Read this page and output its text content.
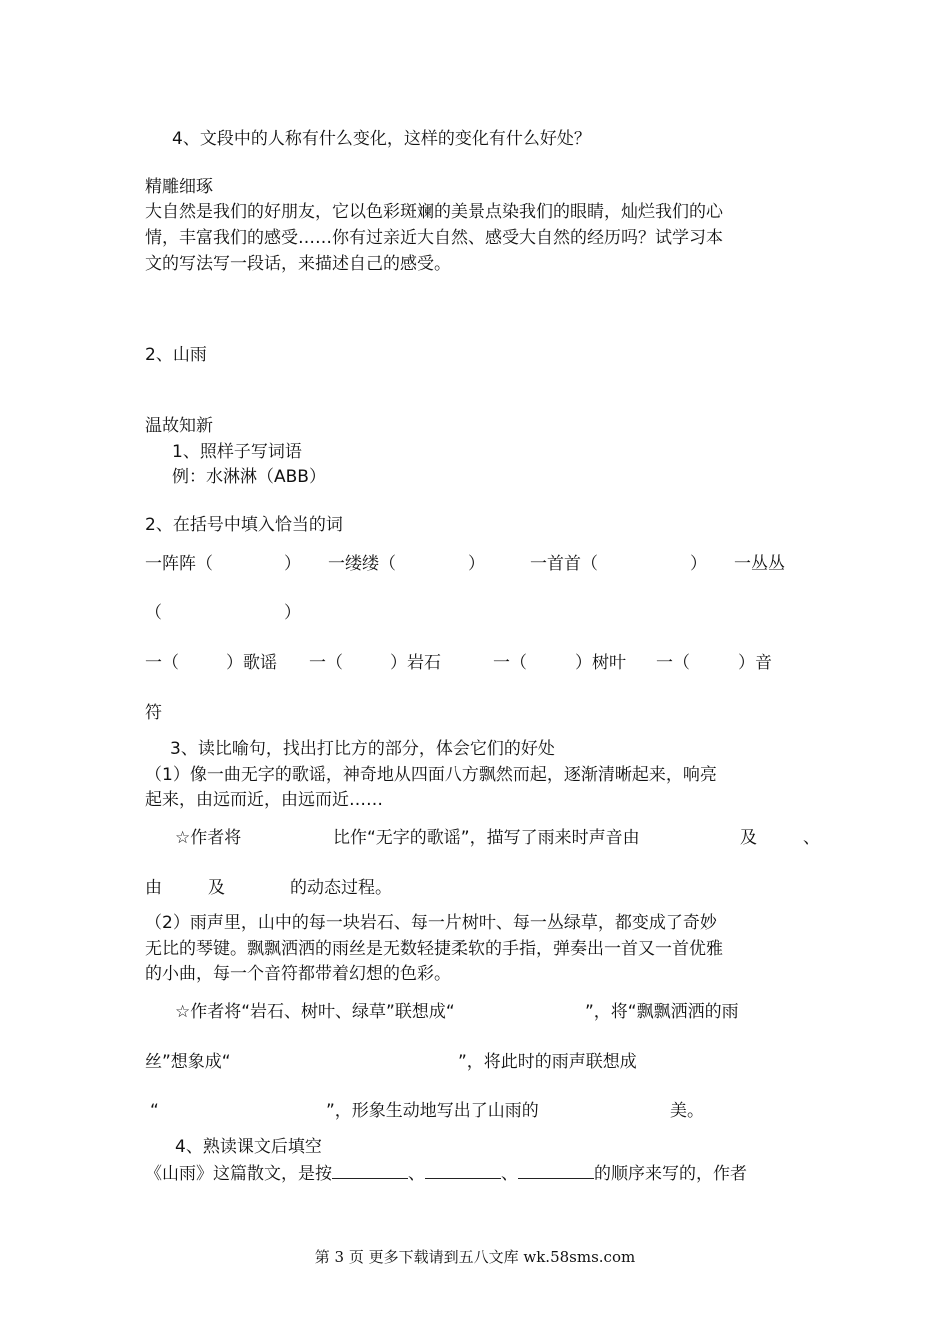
4、文段中的人称有什么变化，这样的变化有什么好处？
精雕细琢
大自然是我们的好朋友，它以色彩斑斓的美景点染我们的眼睛，灿烂我们的心
情，丰富我们的感受……你有过亲近大自然、感受大自然的经历吗？试学习本
文的写法写一段话，来描述自己的感受。
2、山雨
温故知新
1、照样子写词语
例：水淋淋（ABB）
2、在括号中填入恰当的词
一阵阵（	） 一缕缕（	）	一首首（	） 一丛丛
（	）
一（	）歌谣 一（	）岩石	一（	）树叶 一（	）音
符
3、读比喻句，找出打比方的部分，体会它们的好处
（1）像一曲无字的歌谣，神奇地从四面八方飘然而起，逐渐清晰起来，响亮
起来，由远而近，由远而近……
☆作者将	比作“无字的歌谣”，描写了雨来时声音由	及	、
由	及	的动态过程。
（2）雨声里，山中的每一块岩石、每一片树叶、每一丛绿草，都变成了奇妙
无比的琴键。飘飘洒洒的雨丝是无数轻捷柔软的手指，弹奏出一首又一首优雅
的小曲，每一个音符都带着幻想的色彩。
☆作者将“岩石、树叶、绿草”联想成“	”，将“飘飘洒洒的雨
丝”想象成“	”，将此时的雨声联想成
“	”，形象生动地写出了山雨的	美。
4、熟读课文后填空
《山雨》这篇散文，是按	、	、	的顺序来写的，作者
第 3 页 更多下载请到五八文库 wk.58sms.com
